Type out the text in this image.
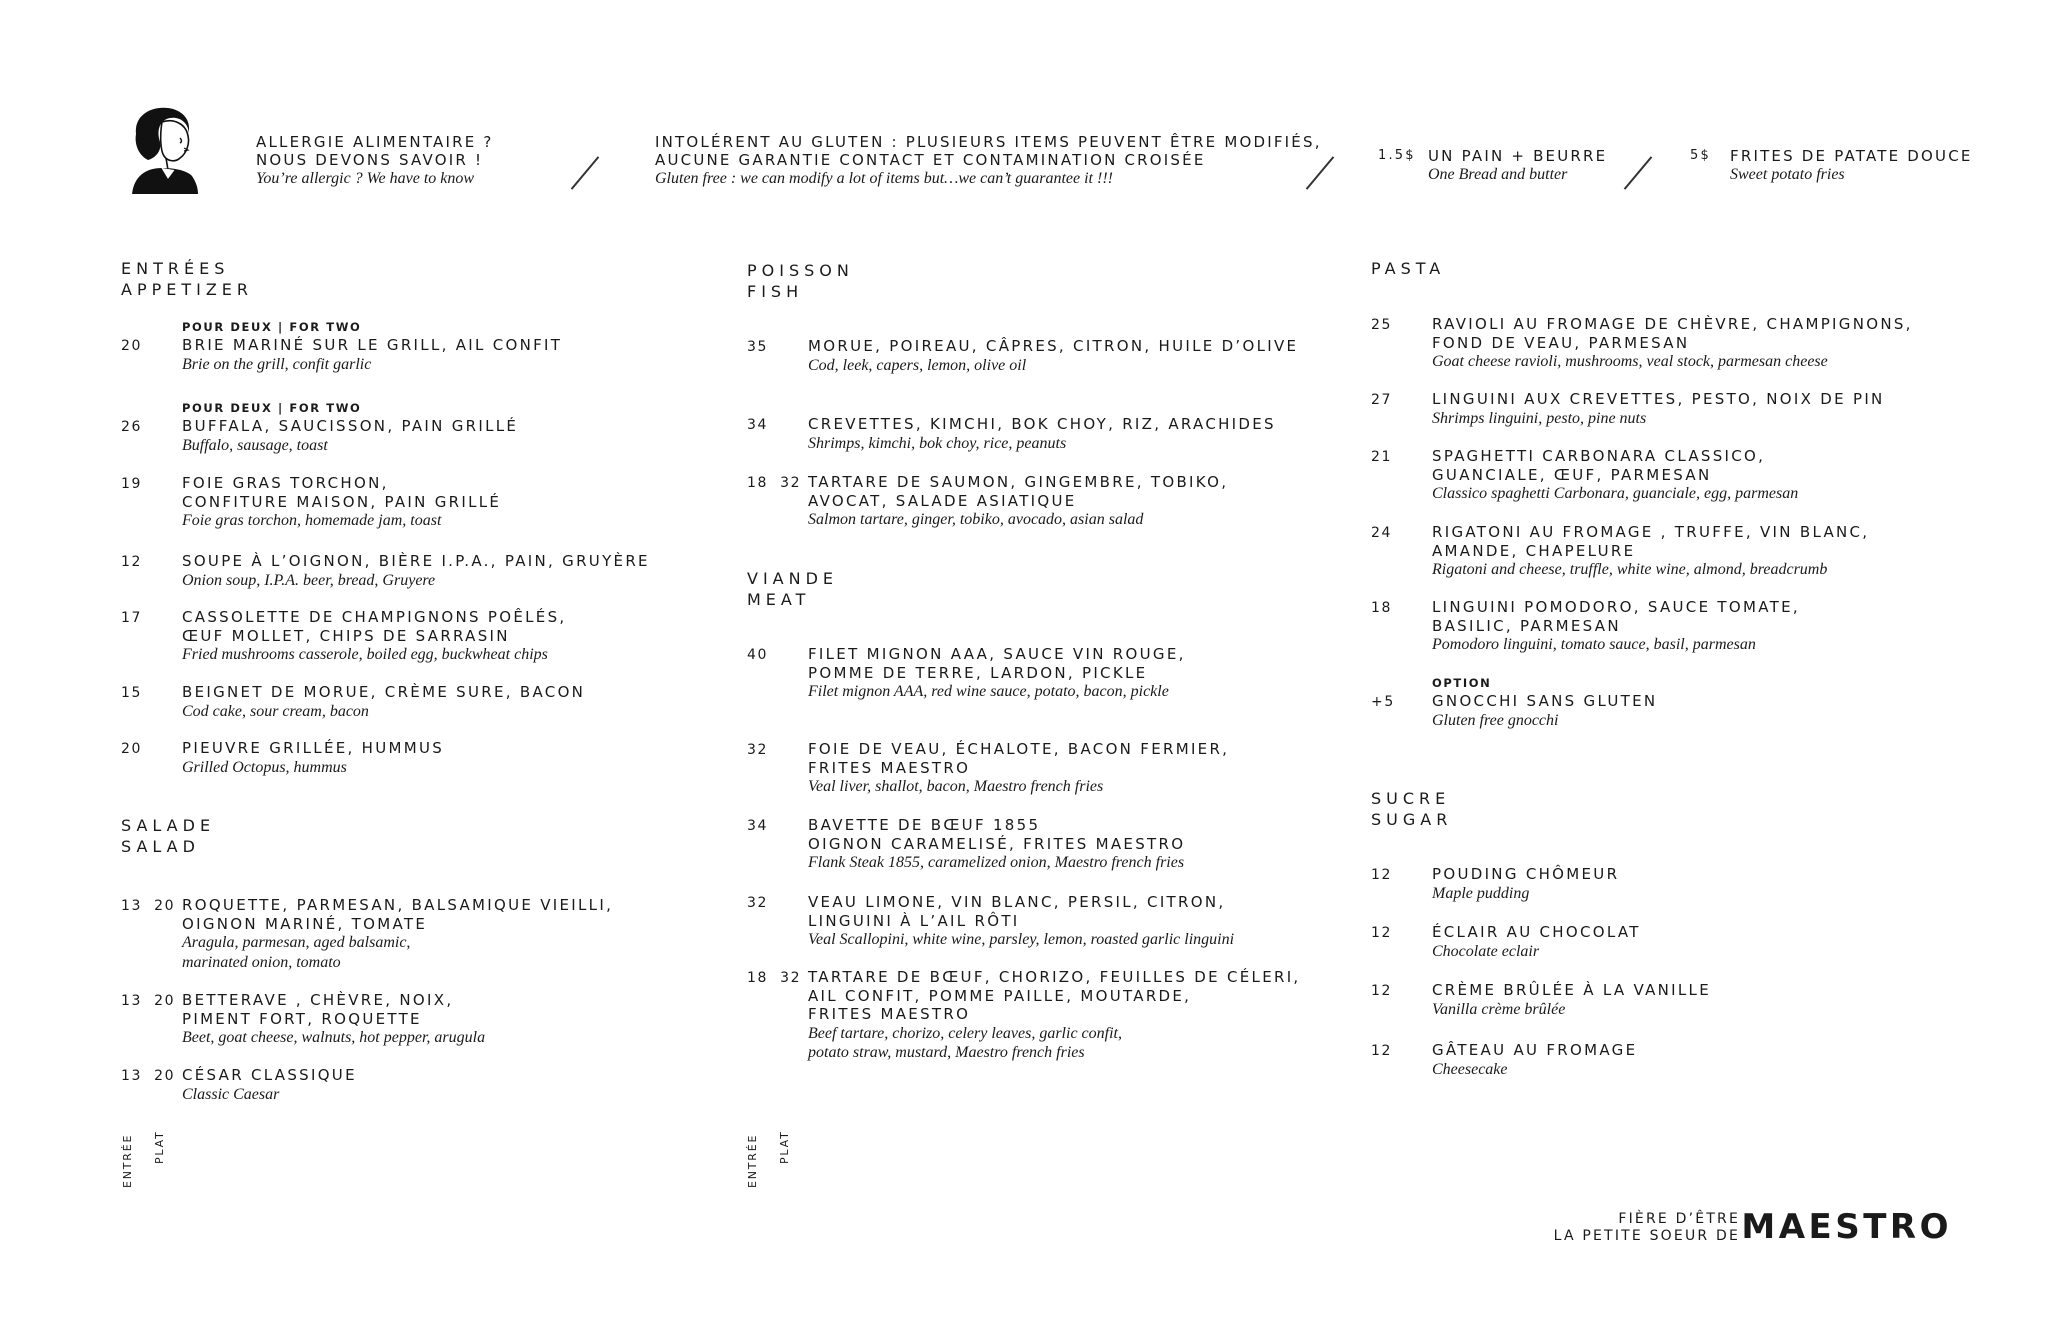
ALLERGIE ALIMENTAIRE ?
NOUS DEVONS SAVOIR !
You’re allergic ? We have to know
INTOLÉRENT AU GLUTEN : PLUSIEURS ITEMS PEUVENT ÊTRE MODIFIÉS,
AUCUNE GARANTIE CONTACT ET CONTAMINATION CROISÉE
Gluten free : we can modify a lot of items but…we can’t guarantee it !!!
1.5$ UN PAIN + BEURRE
One Bread and butter
5$ FRITES DE PATATE DOUCE
Sweet potato fries
ENTRÉES
APPETIZER
POUR DEUX | FOR TWO
20	BRIE MARINÉ SUR LE GRILL, AIL CONFIT
Brie on the grill, confit garlic
POUR DEUX | FOR TWO
26	BUFFALA, SAUCISSON, PAIN GRILLÉ
Buffalo, sausage, toast
19	FOIE GRAS TORCHON,
CONFITURE MAISON, PAIN GRILLÉ
Foie gras torchon, homemade jam, toast
12	SOUPE À L’OIGNON, BIÈRE I.P.A., PAIN, GRUYÈRE
Onion soup, I.P.A. beer, bread, Gruyere
17	CASSOLETTE DE CHAMPIGNONS POÊLÉS,
ŒUF MOLLET, CHIPS DE SARRASIN
Fried mushrooms casserole, boiled egg, buckwheat chips
15	BEIGNET DE MORUE, CRÈME SURE, BACON
Cod cake, sour cream, bacon
20	PIEUVRE GRILLÉE, HUMMUS
Grilled Octopus, hummus
SALADE
SALAD
13  20 ROQUETTE, PARMESAN, BALSAMIQUE VIEILLI,
OIGNON MARINÉ, TOMATE
Aragula, parmesan, aged balsamic,
marinated onion, tomato
13  20 BETTERAVE , CHÈVRE, NOIX,
PIMENT FORT, ROQUETTE
Beet, goat cheese, walnuts, hot pepper, arugula
13  20 CÉSAR CLASSIQUE
Classic Caesar
ENTRÉE PLAT
POISSON
FISH
35	MORUE, POIREAU, CÂPRES, CITRON, HUILE D’OLIVE
Cod, leek, capers, lemon, olive oil
34	CREVETTES, KIMCHI, BOK CHOY, RIZ, ARACHIDES
Shrimps, kimchi, bok choy, rice, peanuts
18  32 TARTARE DE SAUMON, GINGEMBRE, TOBIKO,
AVOCAT, SALADE ASIATIQUE
Salmon tartare, ginger, tobiko, avocado, asian salad
VIANDE
MEAT
40	FILET MIGNON AAA, SAUCE VIN ROUGE,
POMME DE TERRE, LARDON, PICKLE
Filet mignon AAA, red wine sauce, potato, bacon, pickle
32	FOIE DE VEAU, ÉCHALOTE, BACON FERMIER,
FRITES MAESTRO
Veal liver, shallot, bacon, Maestro french fries
34	BAVETTE DE BŒUF 1855
OIGNON CARAMELISÉ, FRITES MAESTRO
Flank Steak 1855, caramelized onion, Maestro french fries
32	VEAU LIMONE, VIN BLANC, PERSIL, CITRON,
LINGUINI À L’AIL RÔTI
Veal Scallopini, white wine, parsley, lemon, roasted garlic linguini
18  32 TARTARE DE BŒUF, CHORIZO, FEUILLES DE CÉLERI,
AIL CONFIT, POMME PAILLE, MOUTARDE,
FRITES MAESTRO
Beef tartare, chorizo, celery leaves, garlic confit,
potato straw, mustard, Maestro french fries
ENTRÉE PLAT
PASTA
25	RAVIOLI AU FROMAGE DE CHÈVRE, CHAMPIGNONS,
FOND DE VEAU, PARMESAN
Goat cheese ravioli, mushrooms, veal stock, parmesan cheese
27	LINGUINI AUX CREVETTES, PESTO, NOIX DE PIN
Shrimps linguini, pesto, pine nuts
21	SPAGHETTI CARBONARA CLASSICO,
GUANCIALE, ŒUF, PARMESAN
Classico spaghetti Carbonara, guanciale, egg, parmesan
24	RIGATONI AU FROMAGE , TRUFFE, VIN BLANC,
AMANDE, CHAPELURE
Rigatoni and cheese, truffle, white wine, almond, breadcrumb
18	LINGUINI POMODORO, SAUCE TOMATE,
BASILIC, PARMESAN
Pomodoro linguini, tomato sauce, basil, parmesan
OPTION
+5 GNOCCHI SANS GLUTEN
Gluten free gnocchi
SUCRE
SUGAR
12	POUDING CHÔMEUR
Maple pudding
12	ÉCLAIR AU CHOCOLAT
Chocolate eclair
12	CRÈME BRÛLÉE À LA VANILLE
Vanilla crème brûlée
12	GÂTEAU AU FROMAGE
Cheesecake
FIÈRE D’ÊTRE
LA PETITE SOEUR DE MAESTRO
